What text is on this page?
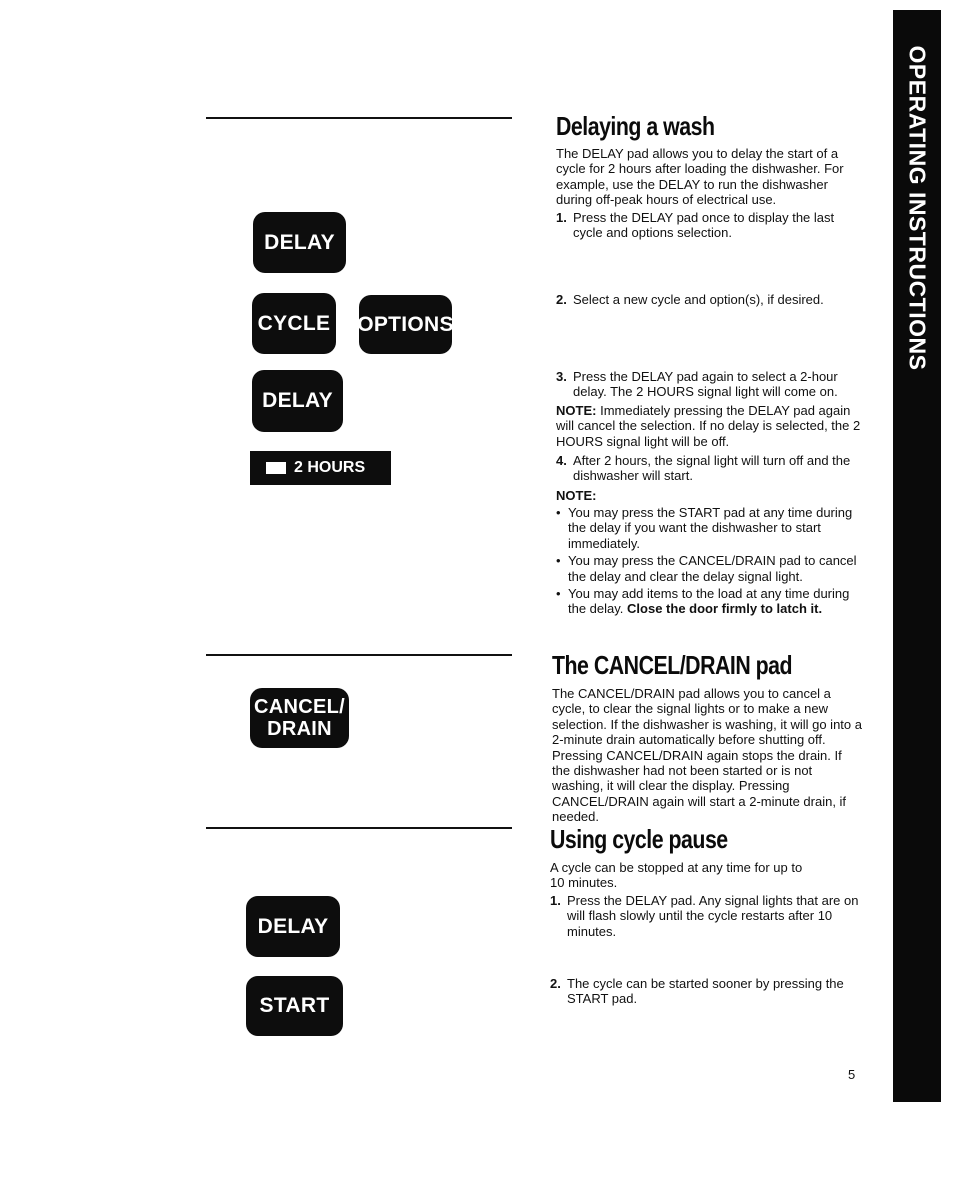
OPERATING INSTRUCTIONS
DELAY
CYCLE OPTIONS
DELAY
2 HOURS
CANCEL/
DRAIN
DELAY
START
Delaying a wash

The DELAY pad allows you to delay the start of a cycle for 2 hours after loading the dishwasher. For example, use the DELAY to run the dishwasher during off-peak hours of electrical use.

1. Press the DELAY pad once to display the last cycle and options selection.
2. Select a new cycle and option(s), if desired.
3. Press the DELAY pad again to select a 2-hour delay. The 2 HOURS signal light will come on.

NOTE: Immediately pressing the DELAY pad again will cancel the selection. If no delay is selected, the 2 HOURS signal light will be off.

4. After 2 hours, the signal light will turn off and the dishwasher will start.

NOTE:

• You may press the START pad at any time during the delay if you want the dishwasher to start immediately.
• You may press the CANCEL/DRAIN pad to cancel the delay and clear the delay signal light.
• You may add items to the load at any time during the delay. Close the door firmly to latch it.
The CANCEL/DRAIN pad

The CANCEL/DRAIN pad allows you to cancel a cycle, to clear the signal lights or to make a new selection. If the dishwasher is washing, it will go into a 2-minute drain automatically before shutting off. Pressing CANCEL/DRAIN again stops the drain. If the dishwasher had not been started or is not washing, it will clear the display. Pressing CANCEL/DRAIN again will start a 2-minute drain, if needed.

Using cycle pause

A cycle can be stopped at any time for up to 10 minutes.

1. Press the DELAY pad. Any signal lights that are on will flash slowly until the cycle restarts after 10 minutes.
2. The cycle can be started sooner by pressing the START pad.
5
